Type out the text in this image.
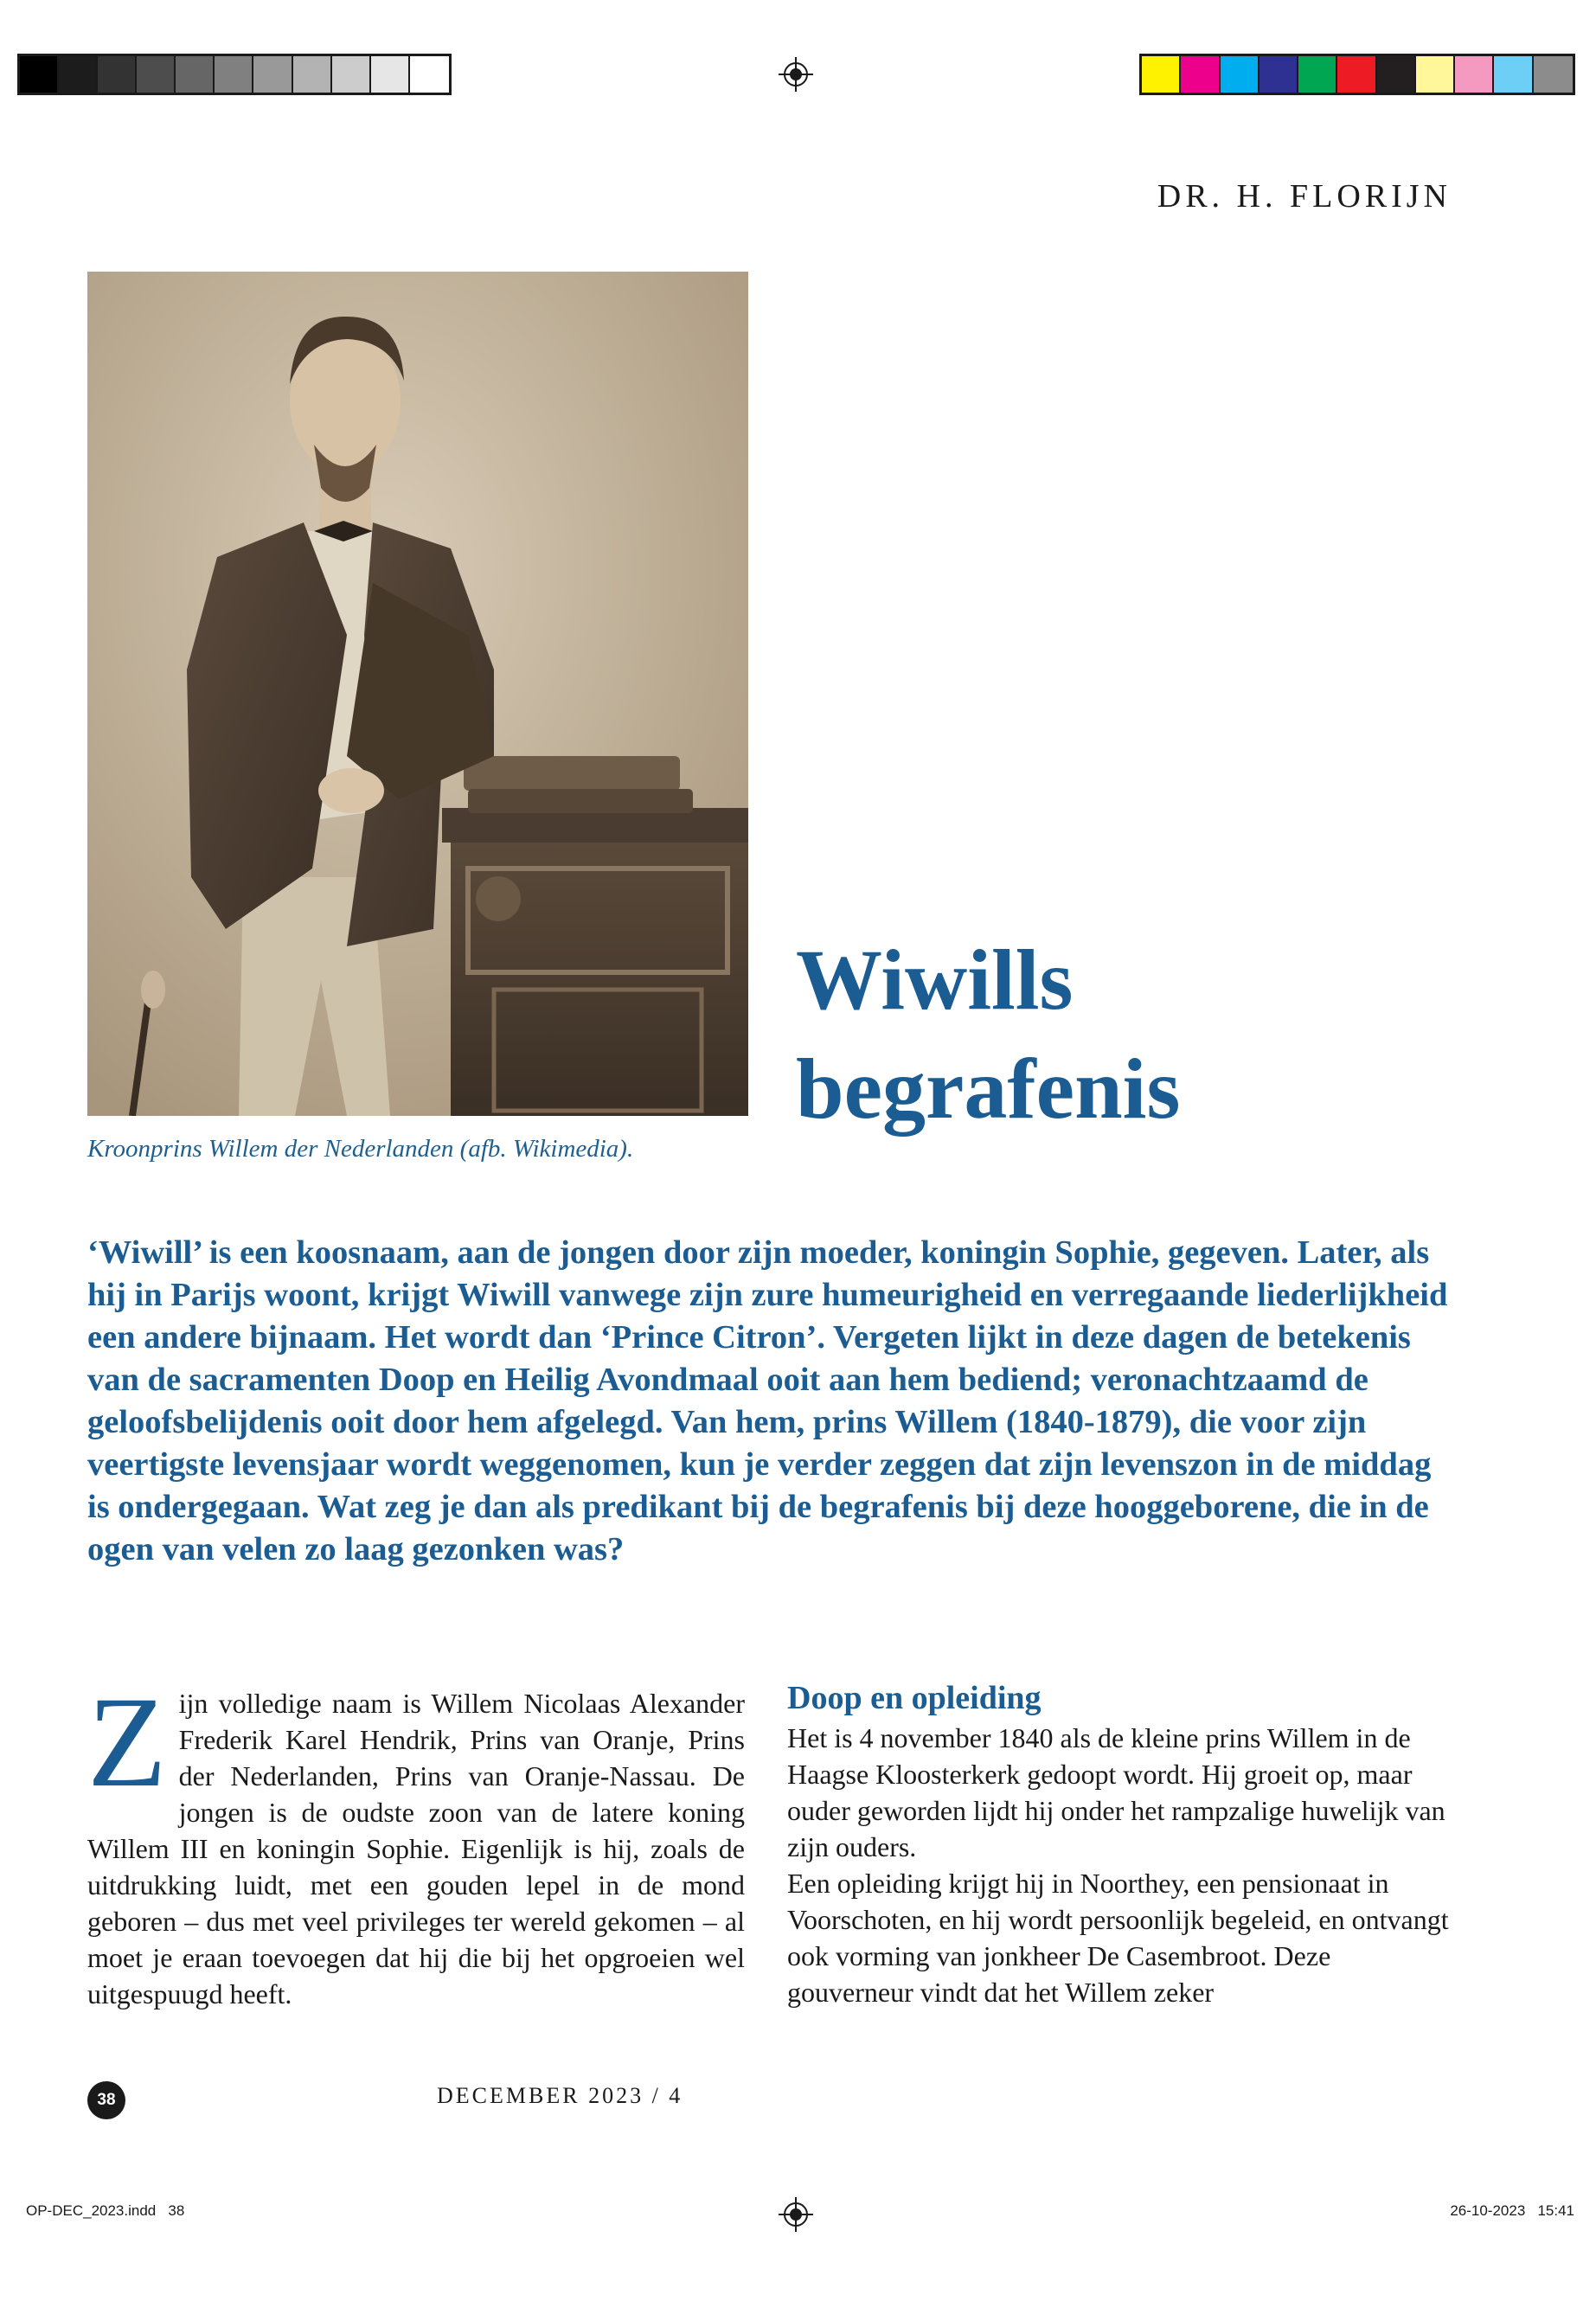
DR. H. FLORIJN
Kroonprins Willem der Nederlanden (afb. Wikimedia).
Wiwills
begrafenis
‘Wiwill’ is een koosnaam, aan de jongen door zijn moeder, koningin Sophie, gegeven. Later, als hij in Parijs woont, krijgt Wiwill vanwege zijn zure humeurigheid en verregaande liederlijkheid een andere bijnaam. Het wordt dan ‘Prince Citron’. Vergeten lijkt in deze dagen de betekenis van de sacramenten Doop en Heilig Avondmaal ooit aan hem bediend; veronachtzaamd de geloofsbelijdenis ooit door hem afgelegd. Van hem, prins Willem (1840-1879), die voor zijn veertigste levensjaar wordt weggenomen, kun je verder zeggen dat zijn levenszon in de middag is ondergegaan. Wat zeg je dan als predikant bij de begrafenis bij deze hooggeborene, die in de ogen van velen zo laag gezonken was?
Z ijn volledige naam is Willem Nicolaas Alexander Frederik Karel Hendrik, Prins van Oranje, Prins der Nederlanden, Prins van Oranje-Nassau. De jongen is de oudste zoon van de latere koning Willem III en koningin Sophie. Eigenlijk is hij, zoals de uitdrukking luidt, met een gouden lepel in de mond geboren – dus met veel privileges ter wereld gekomen – al moet je eraan toevoegen dat hij die bij het opgroeien wel uitgespuugd heeft.
Doop en opleiding

Het is 4 november 1840 als de kleine prins Willem in de Haagse Kloosterkerk gedoopt wordt. Hij groeit op, maar ouder geworden lijdt hij onder het rampzalige huwelijk van zijn ouders.

Een opleiding krijgt hij in Noorthey, een pensionaat in Voorschoten, en hij wordt persoonlijk begeleid, en ontvangt ook vorming van jonkheer De Casembroot. Deze gouverneur vindt dat het Willem zeker

38	DECEMBER 2023 / 4
OP-DEC_2023.indd   38	26-10-2023   15:41
